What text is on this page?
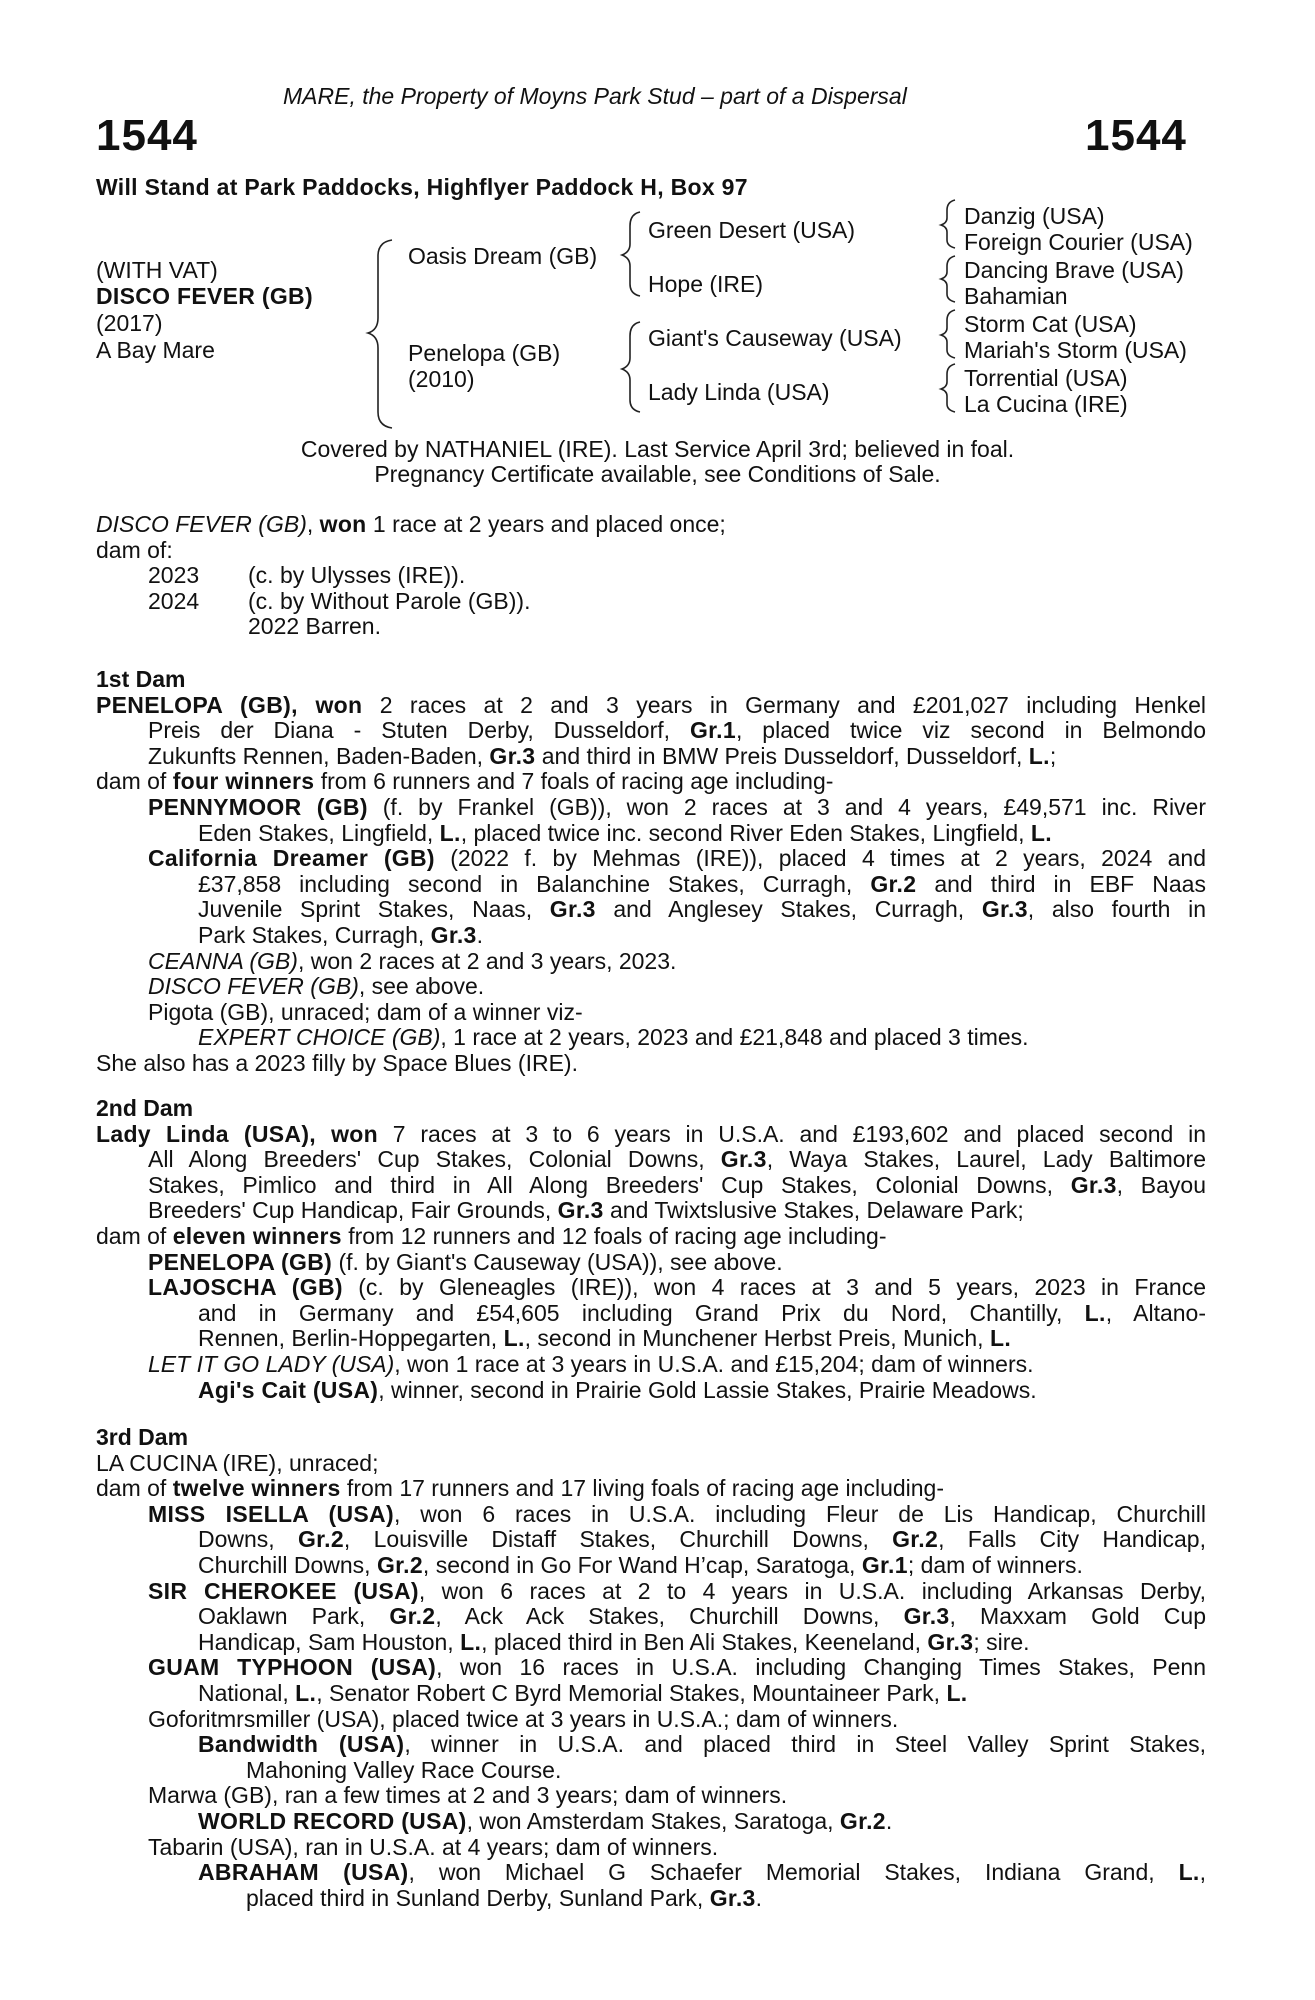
MARE, the Property of Moyns Park Stud – part of a Dispersal
1544	1544
Will Stand at Park Paddocks, Highflyer Paddock H, Box 97
(WITH VAT)
DISCO FEVER (GB)
(2017)
A Bay Mare
Oasis Dream (GB)
Penelopa (GB)
(2010)
Green Desert (USA)
Hope (IRE)
Giant's Causeway (USA)
Lady Linda (USA)
Danzig (USA)
Foreign Courier (USA)
Dancing Brave (USA)
Bahamian
Storm Cat (USA)
Mariah's Storm (USA)
Torrential (USA)
La Cucina (IRE)
Covered by NATHANIEL (IRE). Last Service April 3rd; believed in foal.
Pregnancy Certificate available, see Conditions of Sale.
DISCO FEVER (GB), won 1 race at 2 years and placed once;
dam of:
2023 (c. by Ulysses (IRE)).
2024 (c. by Without Parole (GB)).
2022 Barren.
1st Dam
PENELOPA (GB), won 2 races at 2 and 3 years in Germany and £201,027 including Henkel
Preis der Diana - Stuten Derby, Dusseldorf, Gr.1, placed twice viz second in Belmondo
Zukunfts Rennen, Baden-Baden, Gr.3 and third in BMW Preis Dusseldorf, Dusseldorf, L.;
dam of four winners from 6 runners and 7 foals of racing age including-
PENNYMOOR (GB) (f. by Frankel (GB)), won 2 races at 3 and 4 years, £49,571 inc. River
Eden Stakes, Lingfield, L., placed twice inc. second River Eden Stakes, Lingfield, L.
California Dreamer (GB) (2022 f. by Mehmas (IRE)), placed 4 times at 2 years, 2024 and
£37,858 including second in Balanchine Stakes, Curragh, Gr.2 and third in EBF Naas
Juvenile Sprint Stakes, Naas, Gr.3 and Anglesey Stakes, Curragh, Gr.3, also fourth in
Park Stakes, Curragh, Gr.3.
CEANNA (GB), won 2 races at 2 and 3 years, 2023.
DISCO FEVER (GB), see above.
Pigota (GB), unraced; dam of a winner viz-
EXPERT CHOICE (GB), 1 race at 2 years, 2023 and £21,848 and placed 3 times.
She also has a 2023 filly by Space Blues (IRE).
2nd Dam
Lady Linda (USA), won 7 races at 3 to 6 years in U.S.A. and £193,602 and placed second in
All Along Breeders' Cup Stakes, Colonial Downs, Gr.3, Waya Stakes, Laurel, Lady Baltimore
Stakes, Pimlico and third in All Along Breeders' Cup Stakes, Colonial Downs, Gr.3, Bayou
Breeders' Cup Handicap, Fair Grounds, Gr.3 and Twixtslusive Stakes, Delaware Park;
dam of eleven winners from 12 runners and 12 foals of racing age including-
PENELOPA (GB) (f. by Giant's Causeway (USA)), see above.
LAJOSCHA (GB) (c. by Gleneagles (IRE)), won 4 races at 3 and 5 years, 2023 in France
and in Germany and £54,605 including Grand Prix du Nord, Chantilly, L., Altano-
Rennen, Berlin-Hoppegarten, L., second in Munchener Herbst Preis, Munich, L.
LET IT GO LADY (USA), won 1 race at 3 years in U.S.A. and £15,204; dam of winners.
Agi's Cait (USA), winner, second in Prairie Gold Lassie Stakes, Prairie Meadows.
3rd Dam
LA CUCINA (IRE), unraced;
dam of twelve winners from 17 runners and 17 living foals of racing age including-
MISS ISELLA (USA), won 6 races in U.S.A. including Fleur de Lis Handicap, Churchill
Downs, Gr.2, Louisville Distaff Stakes, Churchill Downs, Gr.2, Falls City Handicap,
Churchill Downs, Gr.2, second in Go For Wand H’cap, Saratoga, Gr.1; dam of winners.
SIR CHEROKEE (USA), won 6 races at 2 to 4 years in U.S.A. including Arkansas Derby,
Oaklawn Park, Gr.2, Ack Ack Stakes, Churchill Downs, Gr.3, Maxxam Gold Cup
Handicap, Sam Houston, L., placed third in Ben Ali Stakes, Keeneland, Gr.3; sire.
GUAM TYPHOON (USA), won 16 races in U.S.A. including Changing Times Stakes, Penn
National, L., Senator Robert C Byrd Memorial Stakes, Mountaineer Park, L.
Goforitmrsmiller (USA), placed twice at 3 years in U.S.A.; dam of winners.
Bandwidth (USA), winner in U.S.A. and placed third in Steel Valley Sprint Stakes,
Mahoning Valley Race Course.
Marwa (GB), ran a few times at 2 and 3 years; dam of winners.
WORLD RECORD (USA), won Amsterdam Stakes, Saratoga, Gr.2.
Tabarin (USA), ran in U.S.A. at 4 years; dam of winners.
ABRAHAM (USA), won Michael G Schaefer Memorial Stakes, Indiana Grand, L.,
placed third in Sunland Derby, Sunland Park, Gr.3.
